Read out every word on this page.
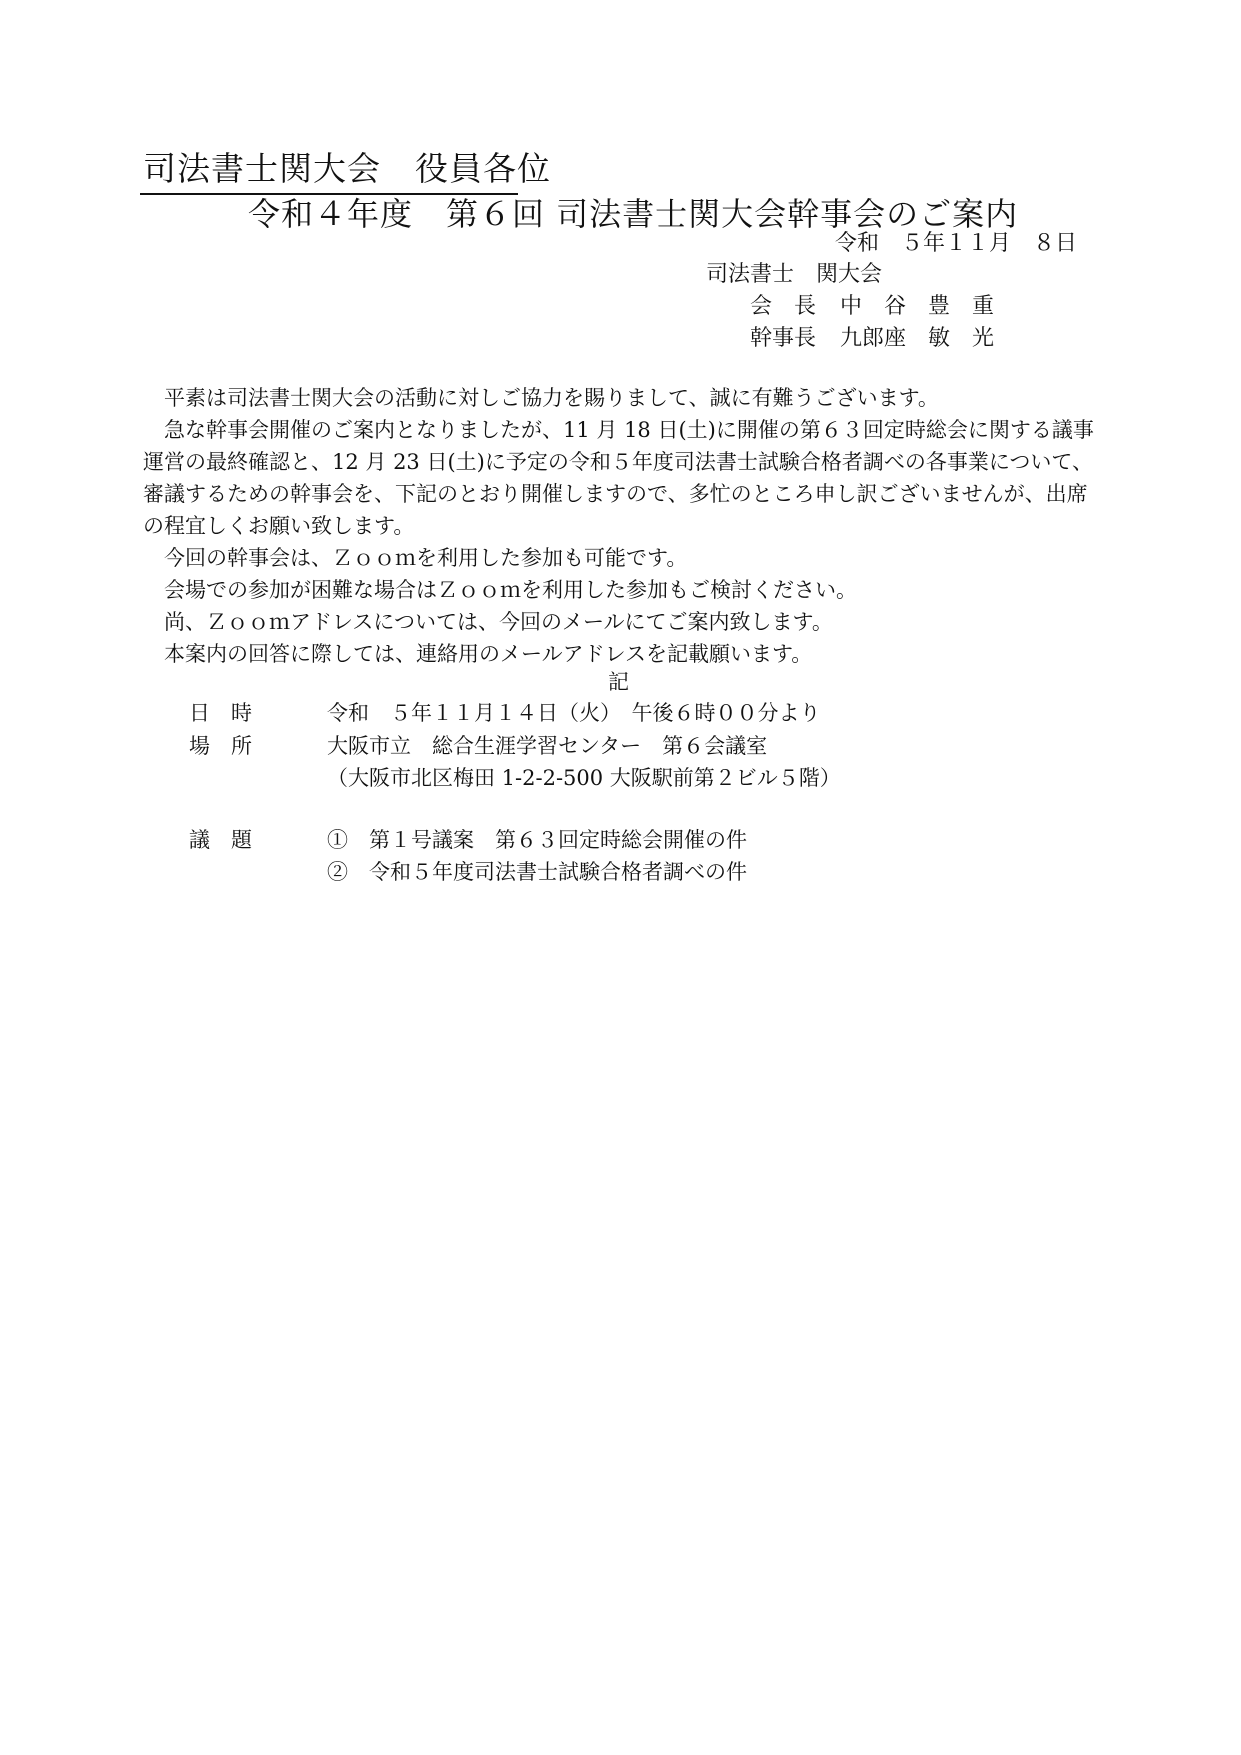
司法書士関大会　役員各位
令和４年度　第６回 司法書士関大会幹事会のご案内
令和　５年１１月　８日
司法書士　関大会
会　長 中　谷　豊　重
幹事長 九郎座　敏　光

　平素は司法書士関大会の活動に対しご協力を賜りまして、誠に有難うございます。

　急な幹事会開催のご案内となりましたが、11 月 18 日(土)に開催の第６３回定時総会に関する議事運営の最終確認と、12 月 23 日(土)に予定の令和５年度司法書士試験合格者調べの各事業について、審議するための幹事会を、下記のとおり開催しますので、多忙のところ申し訳ございませんが、出席の程宜しくお願い致します。

　今回の幹事会は、Ｚｏｏｍを利用した参加も可能です。

　会場での参加が困難な場合はＺｏｏｍを利用した参加もご検討ください。

　尚、Ｚｏｏｍアドレスについては、今回のメールにてご案内致します。

　本案内の回答に際しては、連絡用のメールアドレスを記載願います。

記
日　時	令和　５年１１月１４日（火）　午後６時００分より
場　所	大阪市立　総合生涯学習センター　第６会議室
（大阪市北区梅田 1-2-2-500 大阪駅前第２ビル５階）
議　題	①　第１号議案　第６３回定時総会開催の件
②　令和５年度司法書士試験合格者調べの件
